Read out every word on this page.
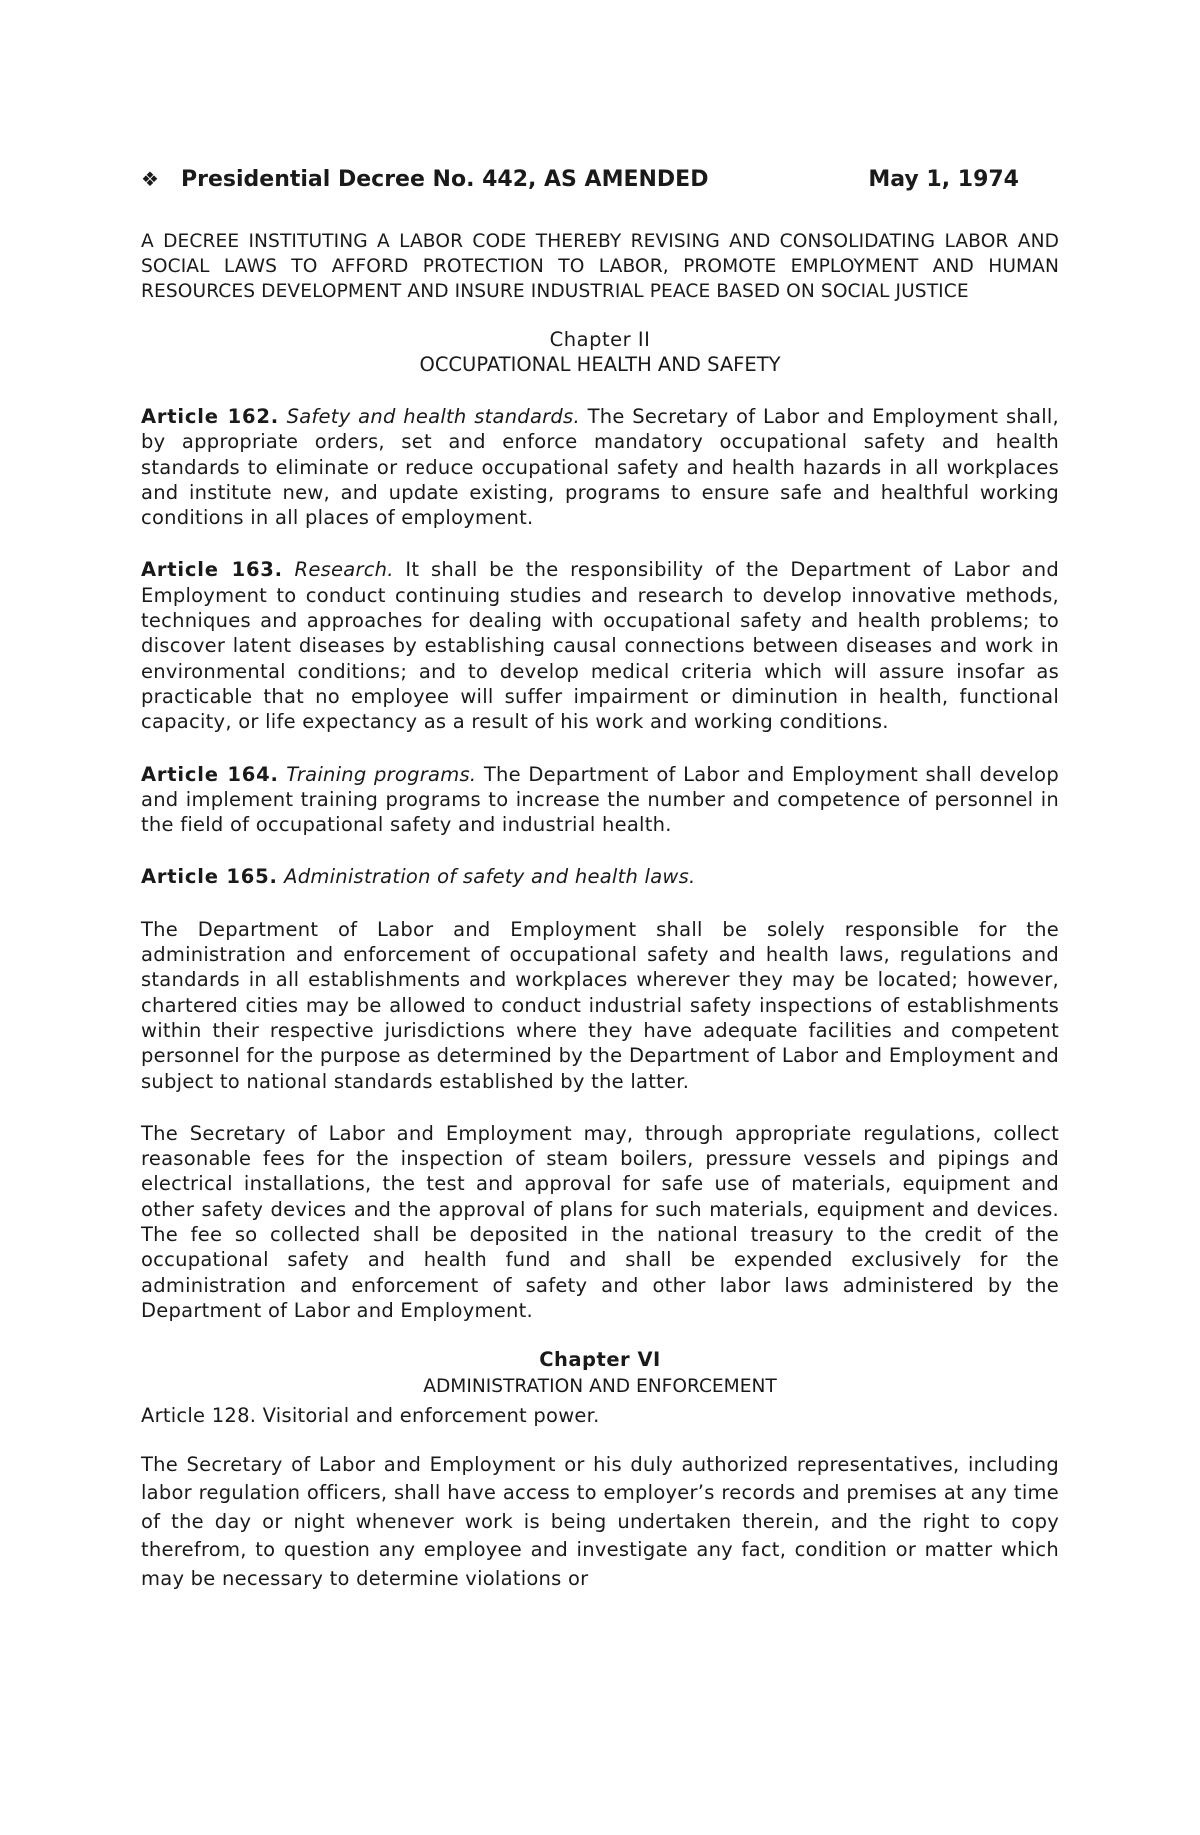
❖	Presidential Decree No. 442, AS AMENDED	May 1, 1974
A DECREE INSTITUTING A LABOR CODE THEREBY REVISING AND CONSOLIDATING LABOR AND SOCIAL LAWS TO AFFORD PROTECTION TO LABOR, PROMOTE EMPLOYMENT AND HUMAN RESOURCES DEVELOPMENT AND INSURE INDUSTRIAL PEACE BASED ON SOCIAL JUSTICE
Chapter II
OCCUPATIONAL HEALTH AND SAFETY
Article 162. Safety and health standards. The Secretary of Labor and Employment shall, by appropriate orders, set and enforce mandatory occupational safety and health standards to eliminate or reduce occupational safety and health hazards in all workplaces and institute new, and update existing, programs to ensure safe and healthful working conditions in all places of employment.
Article 163. Research. It shall be the responsibility of the Department of Labor and Employment to conduct continuing studies and research to develop innovative methods, techniques and approaches for dealing with occupational safety and health problems; to discover latent diseases by establishing causal connections between diseases and work in environmental conditions; and to develop medical criteria which will assure insofar as practicable that no employee will suffer impairment or diminution in health, functional capacity, or life expectancy as a result of his work and working conditions.
Article 164. Training programs. The Department of Labor and Employment shall develop and implement training programs to increase the number and competence of personnel in the field of occupational safety and industrial health.
Article 165. Administration of safety and health laws.
The Department of Labor and Employment shall be solely responsible for the administration and enforcement of occupational safety and health laws, regulations and standards in all establishments and workplaces wherever they may be located; however, chartered cities may be allowed to conduct industrial safety inspections of establishments within their respective jurisdictions where they have adequate facilities and competent personnel for the purpose as determined by the Department of Labor and Employment and subject to national standards established by the latter.
The Secretary of Labor and Employment may, through appropriate regulations, collect reasonable fees for the inspection of steam boilers, pressure vessels and pipings and electrical installations, the test and approval for safe use of materials, equipment and other safety devices and the approval of plans for such materials, equipment and devices. The fee so collected shall be deposited in the national treasury to the credit of the occupational safety and health fund and shall be expended exclusively for the administration and enforcement of safety and other labor laws administered by the Department of Labor and Employment.
Chapter VI
ADMINISTRATION AND ENFORCEMENT
Article 128. Visitorial and enforcement power.
The Secretary of Labor and Employment or his duly authorized representatives, including labor regulation officers, shall have access to employer’s records and premises at any time of the day or night whenever work is being undertaken therein, and the right to copy therefrom, to question any employee and investigate any fact, condition or matter which may be necessary to determine violations or
